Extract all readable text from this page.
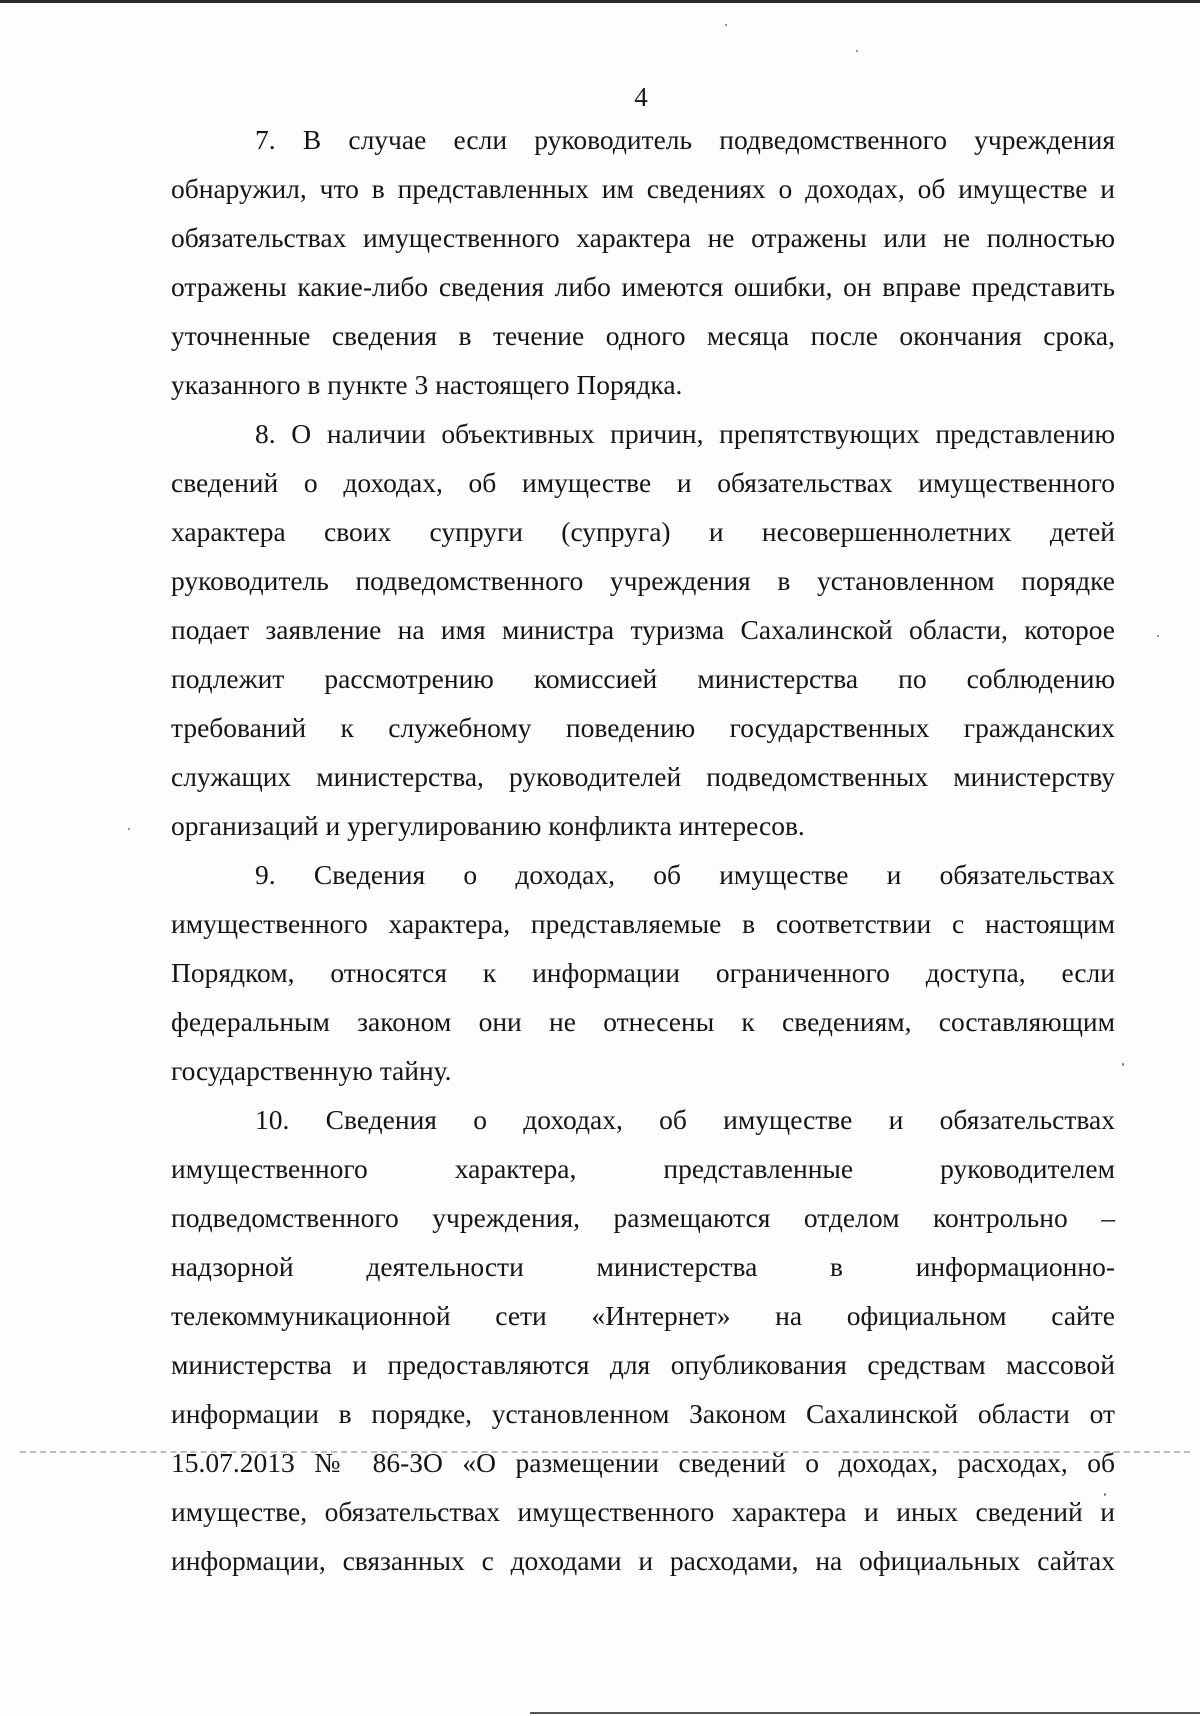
4
7. В случае если руководитель подведомственного учреждения
обнаружил, что в представленных им сведениях о доходах, об имуществе и
обязательствах имущественного характера не отражены или не полностью
отражены какие-либо сведения либо имеются ошибки, он вправе представить
уточненные сведения в течение одного месяца после окончания срока,
указанного в пункте 3 настоящего Порядка.
8. О наличии объективных причин, препятствующих представлению
сведений о доходах, об имуществе и обязательствах имущественного
характера своих супруги (супруга) и несовершеннолетних детей
руководитель подведомственного учреждения в установленном порядке
подает заявление на имя министра туризма Сахалинской области, которое
подлежит рассмотрению комиссией министерства по соблюдению
требований к служебному поведению государственных гражданских
служащих министерства, руководителей подведомственных министерству
организаций и урегулированию конфликта интересов.
9. Сведения о доходах, об имуществе и обязательствах
имущественного характера, представляемые в соответствии с настоящим
Порядком, относятся к информации ограниченного доступа, если
федеральным законом они не отнесены к сведениям, составляющим
государственную тайну.
10. Сведения о доходах, об имуществе и обязательствах
имущественного характера, представленные руководителем
подведомственного учреждения, размещаются отделом контрольно –
надзорной деятельности министерства в информационно-
телекоммуникационной сети «Интернет» на официальном сайте
министерства и предоставляются для опубликования средствам массовой
информации в порядке, установленном Законом Сахалинской области от
15.07.2013 № 86-ЗО «О размещении сведений о доходах, расходах, об
имуществе, обязательствах имущественного характера и иных сведений и
информации, связанных с доходами и расходами, на официальных сайтах
